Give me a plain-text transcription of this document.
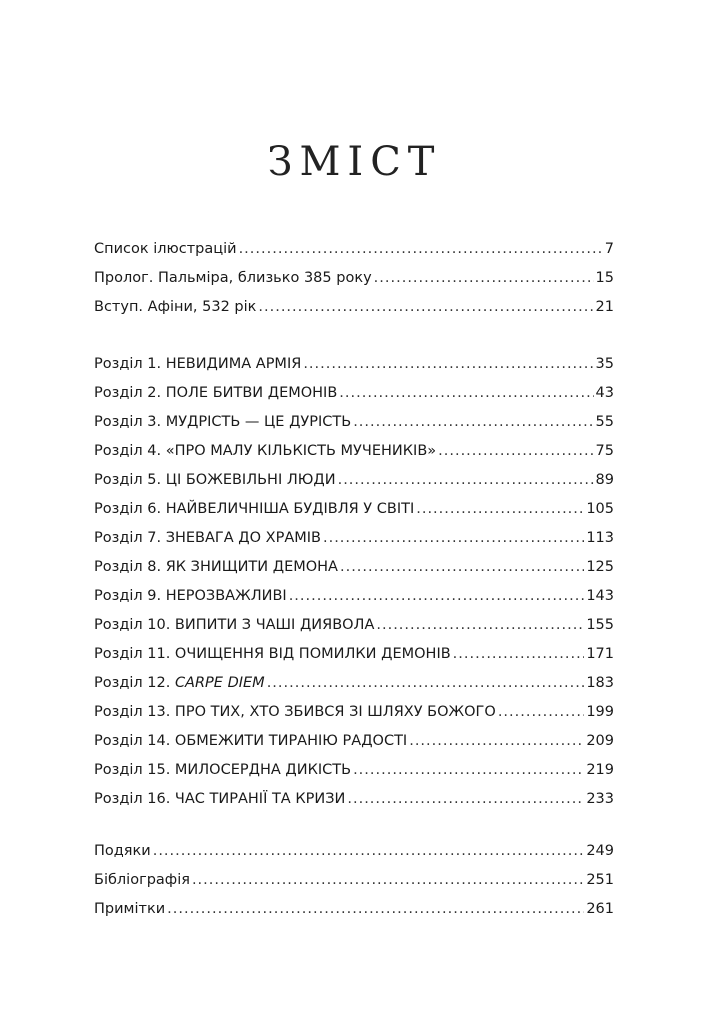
ЗМІСТ
Список ілюстрацій .....	7
Пролог. Пальміра, близько 385 року .....	15
Вступ. Афіни, 532 рік .....	21
Розділ 1. НЕВИДИМА АРМІЯ .....	35
Розділ 2. ПОЛЕ БИТВИ ДЕМОНІВ .....	43
Розділ 3. МУДРІСТЬ — ЦЕ ДУРІСТЬ .....	55
Розділ 4. «ПРО МАЛУ КІЛЬКІСТЬ МУЧЕНИКІВ» .....	75
Розділ 5. ЦІ БОЖЕВІЛЬНІ ЛЮДИ .....	89
Розділ 6. НАЙВЕЛИЧНІША БУДІВЛЯ У СВІТІ .....	105
Розділ 7. ЗНЕВАГА ДО ХРАМІВ .....	113
Розділ 8. ЯК ЗНИЩИТИ ДЕМОНА .....	125
Розділ 9. НЕРОЗВАЖЛИВІ .....	143
Розділ 10. ВИПИТИ З ЧАШІ ДИЯВОЛА .....	155
Розділ 11. ОЧИЩЕННЯ ВІД ПОМИЛКИ ДЕМОНІВ .....	171
Розділ 12. CARPE DIEM .....	183
Розділ 13. ПРО ТИХ, ХТО ЗБИВСЯ ЗІ ШЛЯХУ БОЖОГО .....	199
Розділ 14. ОБМЕЖИТИ ТИРАНІЮ РАДОСТІ .....	209
Розділ 15. МИЛОСЕРДНА ДИКІСТЬ .....	219
Розділ 16. ЧАС ТИРАНІЇ ТА КРИЗИ .....	233
Подяки .....	249
Бібліографія .....	251
Примітки .....	261
